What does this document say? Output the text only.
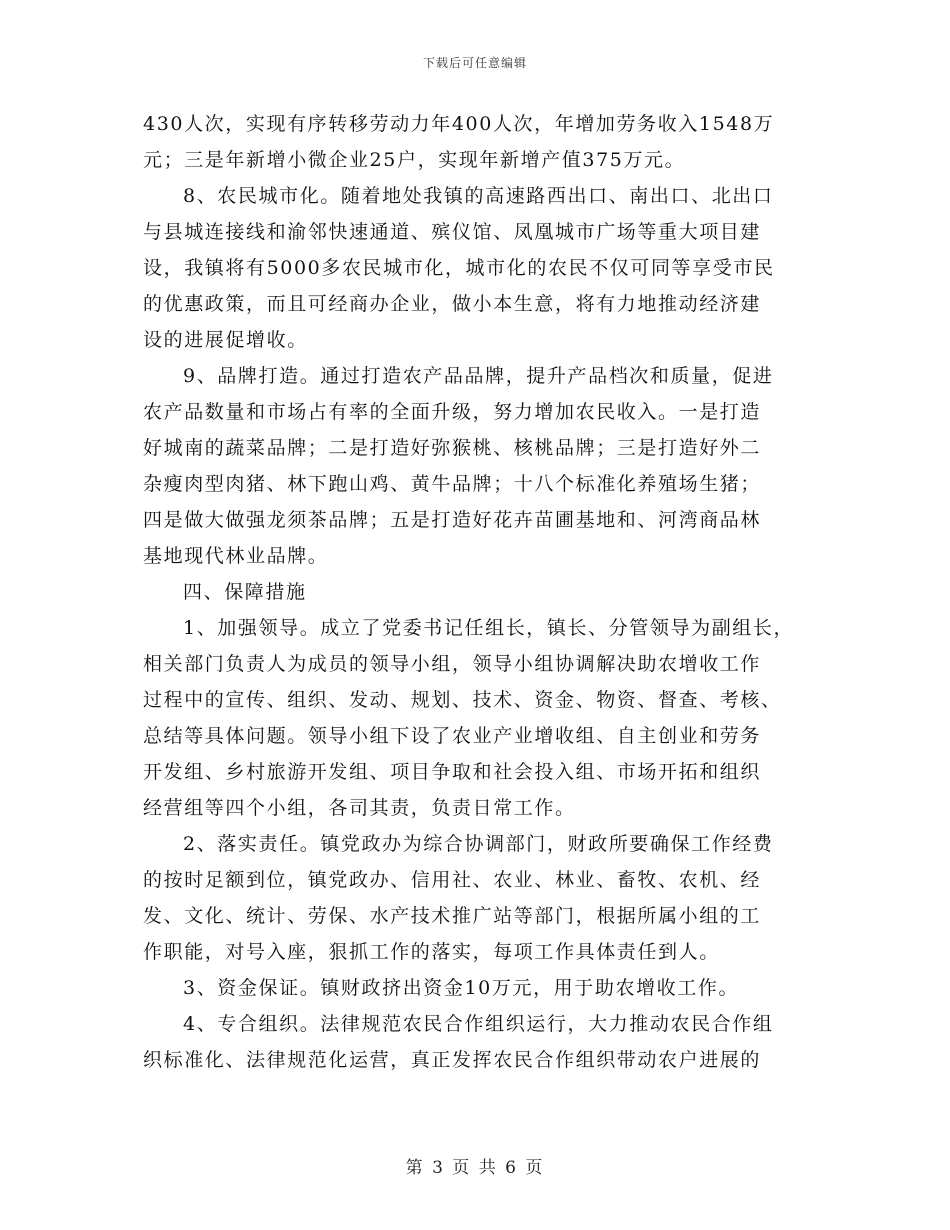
下载后可任意编辑
430人次，实现有序转移劳动力年400人次，年增加劳务收入1548万
元；三是年新增小微企业25户，实现年新增产值375万元。
8、农民城市化。随着地处我镇的高速路西出口、南出口、北出口
与县城连接线和渝邻快速通道、殡仪馆、凤凰城市广场等重大项目建
设，我镇将有5000多农民城市化，城市化的农民不仅可同等享受市民
的优惠政策，而且可经商办企业，做小本生意，将有力地推动经济建
设的进展促增收。
9、品牌打造。通过打造农产品品牌，提升产品档次和质量，促进
农产品数量和市场占有率的全面升级，努力增加农民收入。一是打造
好城南的蔬菜品牌；二是打造好弥猴桃、核桃品牌；三是打造好外二
杂瘦肉型肉猪、林下跑山鸡、黄牛品牌；十八个标准化养殖场生猪；
四是做大做强龙须茶品牌；五是打造好花卉苗圃基地和、河湾商品林
基地现代林业品牌。
四、保障措施
1、加强领导。成立了党委书记任组长，镇长、分管领导为副组长，
相关部门负责人为成员的领导小组，领导小组协调解决助农增收工作
过程中的宣传、组织、发动、规划、技术、资金、物资、督查、考核、
总结等具体问题。领导小组下设了农业产业增收组、自主创业和劳务
开发组、乡村旅游开发组、项目争取和社会投入组、市场开拓和组织
经营组等四个小组，各司其责，负责日常工作。
2、落实责任。镇党政办为综合协调部门，财政所要确保工作经费
的按时足额到位，镇党政办、信用社、农业、林业、畜牧、农机、经
发、文化、统计、劳保、水产技术推广站等部门，根据所属小组的工
作职能，对号入座，狠抓工作的落实，每项工作具体责任到人。
3、资金保证。镇财政挤出资金10万元，用于助农增收工作。
4、专合组织。法律规范农民合作组织运行，大力推动农民合作组
织标准化、法律规范化运营，真正发挥农民合作组织带动农户进展的
第 3 页 共 6 页
